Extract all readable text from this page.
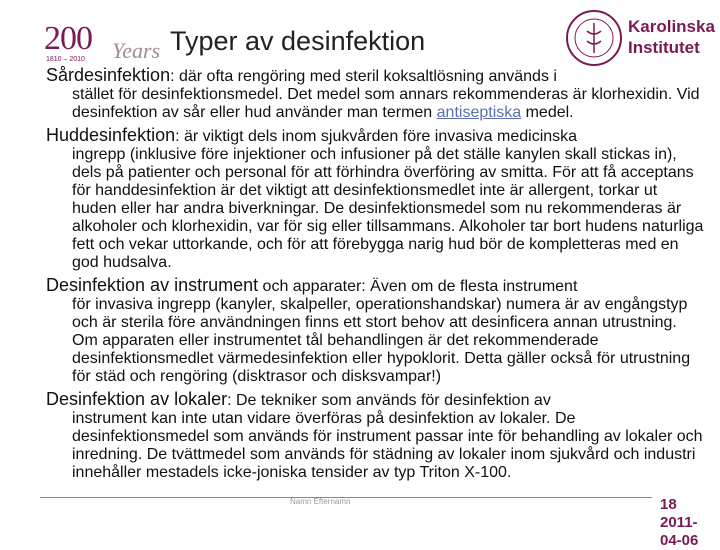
200 Years
1810 – 2010
Typer av desinfektion	Karolinska
Institutet

Sårdesinfektion: där ofta rengöring med steril koksaltlösning används i
stället för desinfektionsmedel. Det medel som annars rekommenderas är klorhexidin. Vid desinfektion av sår eller hud använder man termen antiseptiska medel.

Huddesinfektion: är viktigt dels inom sjukvården före invasiva medicinska
ingrepp (inklusive före injektioner och infusioner på det ställe kanylen skall stickas in), dels på patienter och personal för att förhindra överföring av smitta. För att få acceptans för handdesinfektion är det viktigt att desinfektionsmedlet inte är allergent, torkar ut huden eller har andra biverkningar. De desinfektionsmedel som nu rekommenderas är alkoholer och klorhexidin, var för sig eller tillsammans. Alkoholer tar bort hudens naturliga fett och vekar uttorkande, och för att förebygga narig hud bör de kompletteras med en god hudsalva.

Desinfektion av instrument och apparater: Även om de flesta instrument
för invasiva ingrepp (kanyler, skalpeller, operationshandskar) numera är av engångstyp och är sterila före användningen finns ett stort behov att desinficera annan utrustning. Om apparaten eller instrumentet tål behandlingen är det rekommenderade desinfektionsmedlet värmedesinfektion eller hypoklorit. Detta gäller också för utrustning för städ och rengöring (disktrasor och disksvampar!)

Desinfektion av lokaler: De tekniker som används för desinfektion av
instrument kan inte utan vidare överföras på desinfektion av lokaler. De desinfektionsmedel som används för instrument passar inte för behandling av lokaler och inredning. De tvättmedel som används för städning av lokaler inom sjukvård och industri innehåller mestadels icke-joniska tensider av typ Triton X-100.

Namn Efternamn	18
2011-
04-06
